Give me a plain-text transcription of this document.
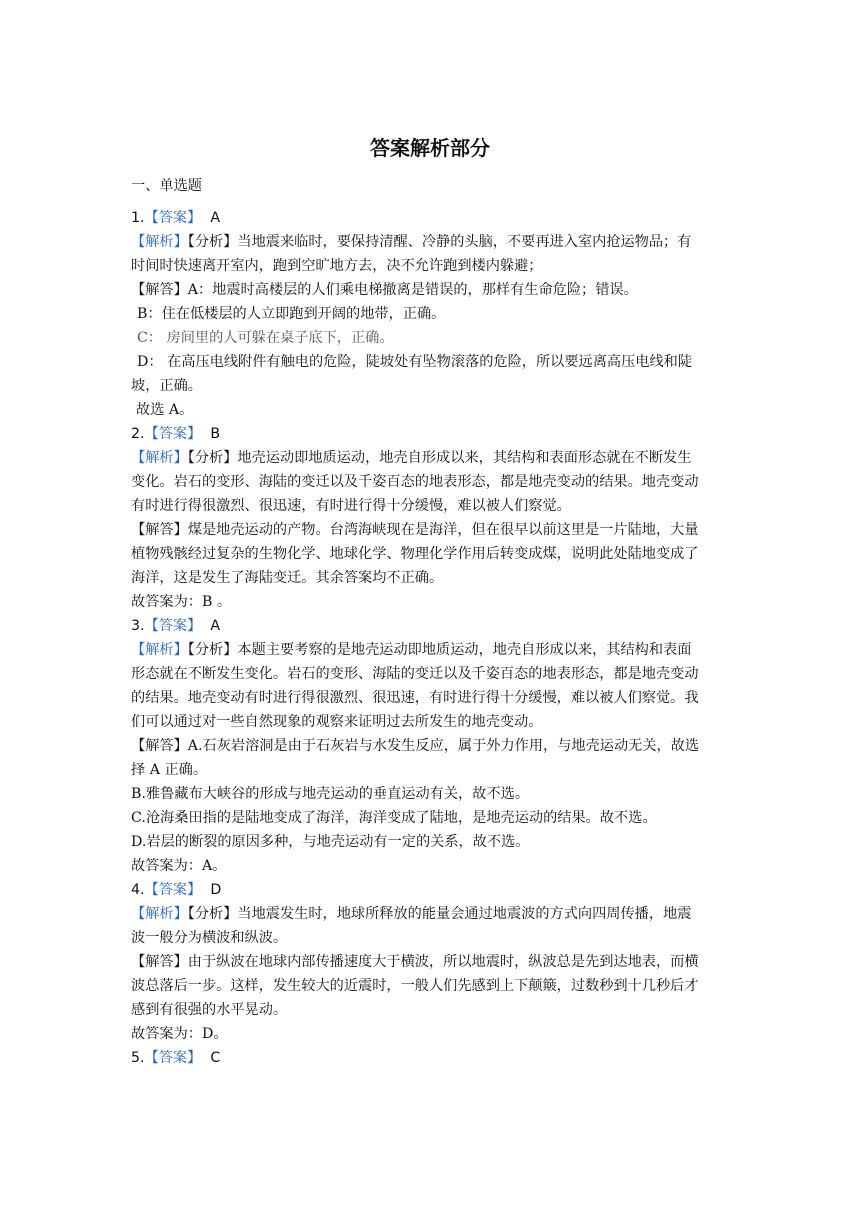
答案解析部分
一、单选题
1.【答案】 A
【解析】【分析】当地震来临时，要保持清醒、冷静的头脑，不要再进入室内抢运物品；有
时间时快速离开室内，跑到空旷地方去，决不允许跑到楼内躲避；
【解答】A：地震时高楼层的人们乘电梯撤离是错误的，那样有生命危险；错误。
B：住在低楼层的人立即跑到开阔的地带，正确。
C： 房间里的人可躲在桌子底下，正确。
D： 在高压电线附件有触电的危险，陡坡处有坠物滚落的危险，所以要远离高压电线和陡
坡，正确。
故选 A。
2.【答案】 B
【解析】【分析】地壳运动即地质运动，地壳自形成以来，其结构和表面形态就在不断发生
变化。岩石的变形、海陆的变迁以及千姿百态的地表形态，都是地壳变动的结果。地壳变动
有时进行得很激烈、很迅速，有时进行得十分缓慢，难以被人们察觉。
【解答】煤是地壳运动的产物。台湾海峡现在是海洋，但在很早以前这里是一片陆地，大量
植物残骸经过复杂的生物化学、地球化学、物理化学作用后转变成煤，说明此处陆地变成了
海洋，这是发生了海陆变迁。其余答案均不正确。
故答案为：B 。
3.【答案】 A
【解析】【分析】本题主要考察的是地壳运动即地质运动，地壳自形成以来，其结构和表面
形态就在不断发生变化。岩石的变形、海陆的变迁以及千姿百态的地表形态，都是地壳变动
的结果。地壳变动有时进行得很激烈、很迅速，有时进行得十分缓慢，难以被人们察觉。我
们可以通过对一些自然现象的观察来证明过去所发生的地壳变动。
【解答】A.石灰岩溶洞是由于石灰岩与水发生反应，属于外力作用，与地壳运动无关，故选
择 A 正确。
B.雅鲁藏布大峡谷的形成与地壳运动的垂直运动有关，故不选。
C.沧海桑田指的是陆地变成了海洋，海洋变成了陆地，是地壳运动的结果。故不选。
D.岩层的断裂的原因多种，与地壳运动有一定的关系，故不选。
故答案为：A。
4.【答案】 D
【解析】【分析】当地震发生时，地球所释放的能量会通过地震波的方式向四周传播，地震
波一般分为横波和纵波。
【解答】由于纵波在地球内部传播速度大于横波，所以地震时，纵波总是先到达地表，而横
波总落后一步。这样，发生较大的近震时，一般人们先感到上下颠簸，过数秒到十几秒后才
感到有很强的水平晃动。
故答案为：D。
5.【答案】 C
